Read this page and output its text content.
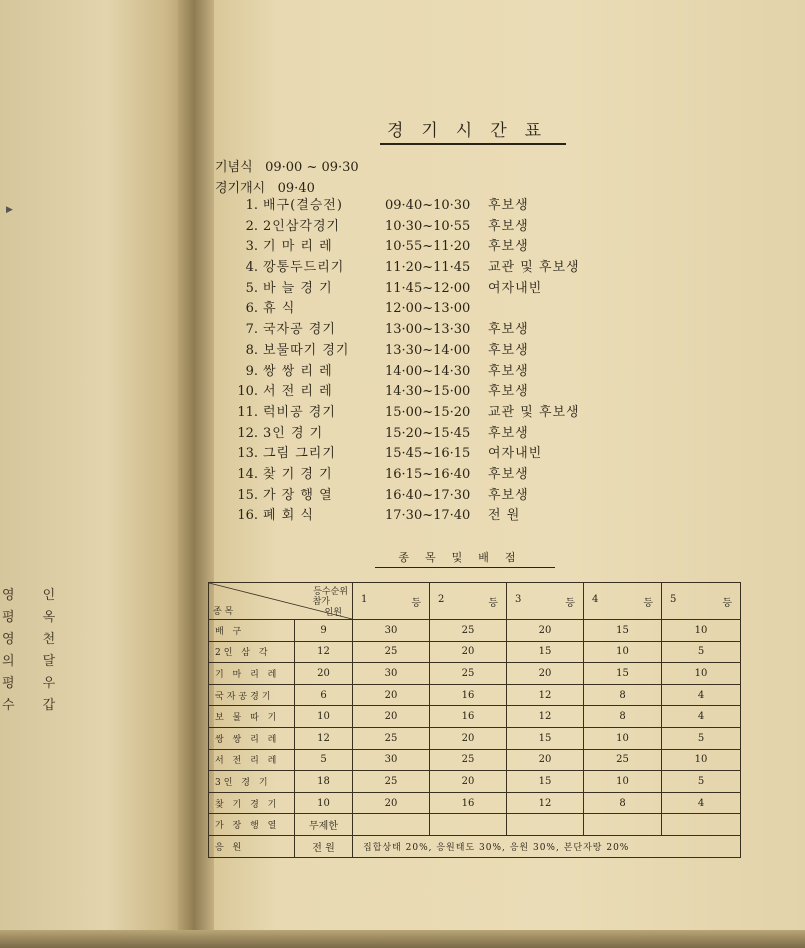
▶
영
평
영
의
평
수
인
옥
천
달
우
갑
경기시간표
기념식 09·00 ~ 09·30
경기개시 09·40
1. 배구(결승전)	09·40~10·30	후보생
2. 2인삼각경기	10·30~10·55	후보생
3. 기 마 리 레	10·55~11·20	후보생
4. 깡통두드리기	11·20~11·45	교관 및 후보생
5. 바 늘 경 기	11·45~12·00	여자내빈
6. 휴 식	12·00~13·00
7. 국자공 경기	13·00~13·30	후보생
8. 보물따기 경기	13·30~14·00	후보생
9. 쌍 쌍 리 레	14·00~14·30	후보생
10. 서 전 리 레	14·30~15·00	후보생
11. 럭비공 경기	15·00~15·20	교관 및 후보생
12. 3인 경 기	15·20~15·45	후보생
13. 그림 그리기	15·45~16·15	여자내빈
14. 찾 기 경 기	16·15~16·40	후보생
15. 가 장 행 열	16·40~17·30	후보생
16. 폐 회 식	17·30~17·40	전 원
종목및배점
등수순위
참가
인원
종 목		1 등	2 등	3 등	4 등	5 등

배 구	9	30	25	20	15	10
2인 삼 각	12	25	20	15	10	5
기 마 리 레	20	30	25	20	15	10
국자공경기	6	20	16	12	8	4
보 물 따 기	10	20	16	12	8	4
쌍 쌍 리 레	12	25	20	15	10	5
서 전 리 레	5	30	25	20	25	10
3인 경 기	18	25	20	15	10	5
찾 기 경 기	10	20	16	12	8	4
가 장 행 열	무제한					
응 원	전 원	집합상태 20%, 응원태도 30%, 응원 30%, 본단자랑 20%				
